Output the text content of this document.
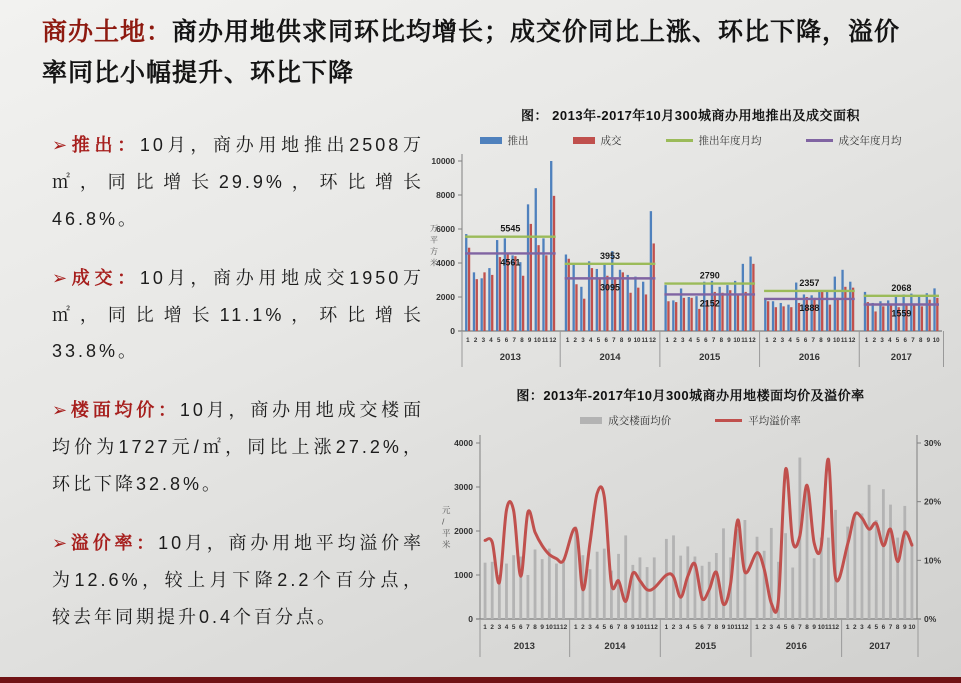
商办土地：商办用地供求同环比均增长；成交价同比上涨、环比下降，溢价率同比小幅提升、环比下降

➢推出：10月，商办用地推出2508万㎡，同比增长29.9%，环比增长46.8%。

➢成交：10月，商办用地成交1950万㎡，同比增长11.1%，环比增长33.8%。

➢楼面均价：10月，商办用地成交楼面均价为1727元/㎡，同比上涨27.2%，环比下降32.8%。

➢溢价率：10月，商办用地平均溢价率为12.6%，较上月下降2.2个百分点，较去年同期提升0.4个百分点。

图： 2013年-2017年10月300城商办用地推出及成交面积
推出	成交	推出年度月均	成交年度月均
0
2000
4000
6000
8000
10000
万平方米
1 2 3 4 5 6 7 8 9 10 11 12
5545
4561
2013
1 2 3 4 5 6 7 8 9 10 11 12
3953
3095
2014
1 2 3 4 5 6 7 8 9 10 11 12
2790
2152
2015
1 2 3 4 5 6 7 8 9 10 11 12
2357
1888
2016
1 2 3 4 5 6 7 8 9 10
2068
1559
2017
图：2013年-2017年10月300城商办用地楼面均价及溢价率
成交楼面均价	平均溢价率
0
1000
2000
3000
4000
0%
10%
20%
30%
元/平米
1 2 3 4 5 6 7 8 9 10 11 12
2013
1 2 3 4 5 6 7 8 9 10 11 12
2014
1 2 3 4 5 6 7 8 9 10 11 12
2015
1 2 3 4 5 6 7 8 9 10 11 12
2016
1 2 3 4 5 6 7 8 9 10
2017
